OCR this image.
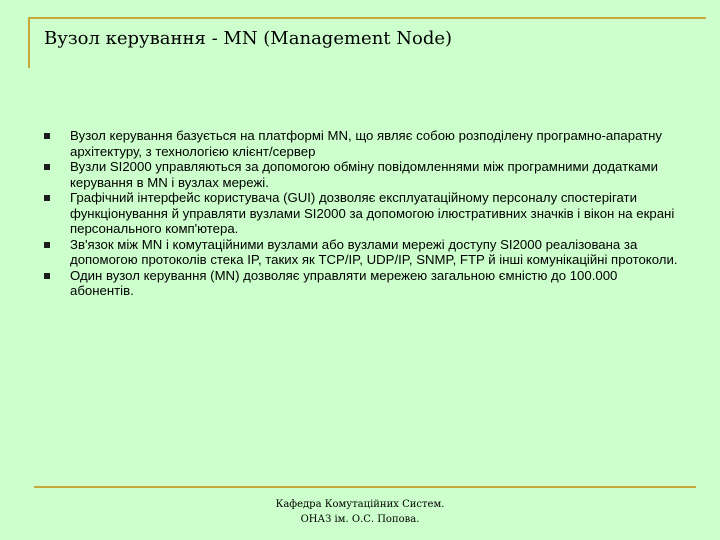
Вузол керування - MN (Management Node)
Вузол керування базується на платформі MN, що являє собою розподілену програмно-апаратну архітектуру, з технологією клієнт/сервер
Вузли SI2000 управляються за допомогою обміну повідомленнями між програмними додатками керування в MN і вузлах мережі.
Графічний інтерфейс користувача (GUI) дозволяє експлуатаційному персоналу спостерігати функціонування й управляти вузлами SI2000 за допомогою ілюстративних значків і вікон на екрані персонального комп'ютера.
Зв'язок між MN і комутаційними вузлами або вузлами мережі доступу SI2000 реалізована за допомогою протоколів стека IP, таких як TCP/IP, UDP/IP, SNMP, FTP й інші комунікаційні протоколи.
Один вузол керування (MN) дозволяє управляти мережею загальною ємністю до 100.000 абонентів.
Кафедра Комутаційних Систем.
ОНАЗ ім. О.С. Попова.
